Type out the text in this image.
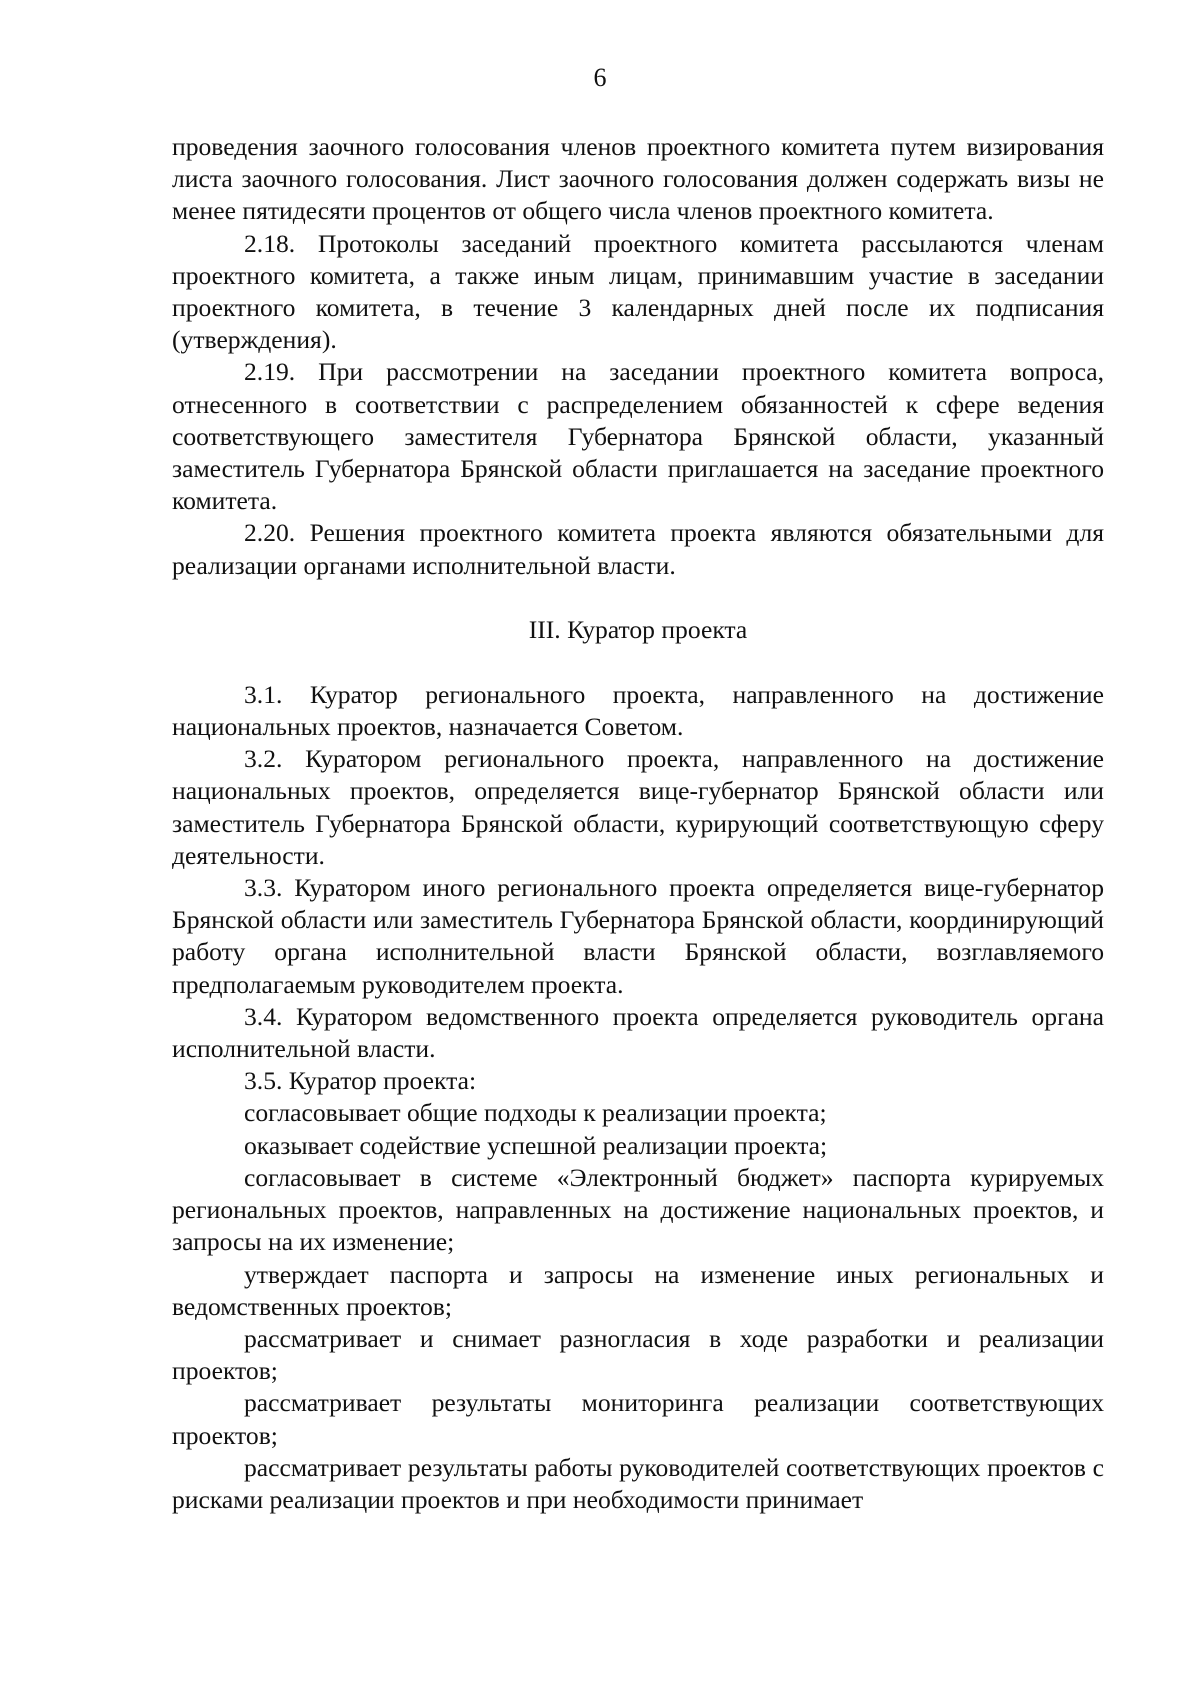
6

проведения заочного голосования членов проектного комитета путем визирования листа заочного голосования. Лист заочного голосования должен содержать визы не менее пятидесяти процентов от общего числа членов проектного комитета.

2.18. Протоколы заседаний проектного комитета рассылаются членам проектного комитета, а также иным лицам, принимавшим участие в заседании проектного комитета, в течение 3 календарных дней после их подписания (утверждения).

2.19. При рассмотрении на заседании проектного комитета вопроса, отнесенного в соответствии с распределением обязанностей к сфере ведения соответствующего заместителя Губернатора Брянской области, указанный заместитель Губернатора Брянской области приглашается на заседание проектного комитета.

2.20. Решения проектного комитета проекта являются обязательными для реализации органами исполнительной власти.

III. Куратор проекта

3.1. Куратор регионального проекта, направленного на достижение национальных проектов, назначается Советом.

3.2. Куратором регионального проекта, направленного на достижение национальных проектов, определяется вице-губернатор Брянской области или заместитель Губернатора Брянской области, курирующий соответствующую сферу деятельности.

3.3. Куратором иного регионального проекта определяется вице-губернатор Брянской области или заместитель Губернатора Брянской области, координирующий работу органа исполнительной власти Брянской области, возглавляемого предполагаемым руководителем проекта.

3.4. Куратором ведомственного проекта определяется руководитель органа исполнительной власти.

3.5. Куратор проекта:

согласовывает общие подходы к реализации проекта;

оказывает содействие успешной реализации проекта;

согласовывает в системе «Электронный бюджет» паспорта курируемых региональных проектов, направленных на достижение национальных проектов, и запросы на их изменение;

утверждает паспорта и запросы на изменение иных региональных и ведомственных проектов;

рассматривает и снимает разногласия в ходе разработки и реализации проектов;

рассматривает результаты мониторинга реализации соответствующих проектов;

рассматривает результаты работы руководителей соответствующих проектов с рисками реализации проектов и при необходимости принимает
